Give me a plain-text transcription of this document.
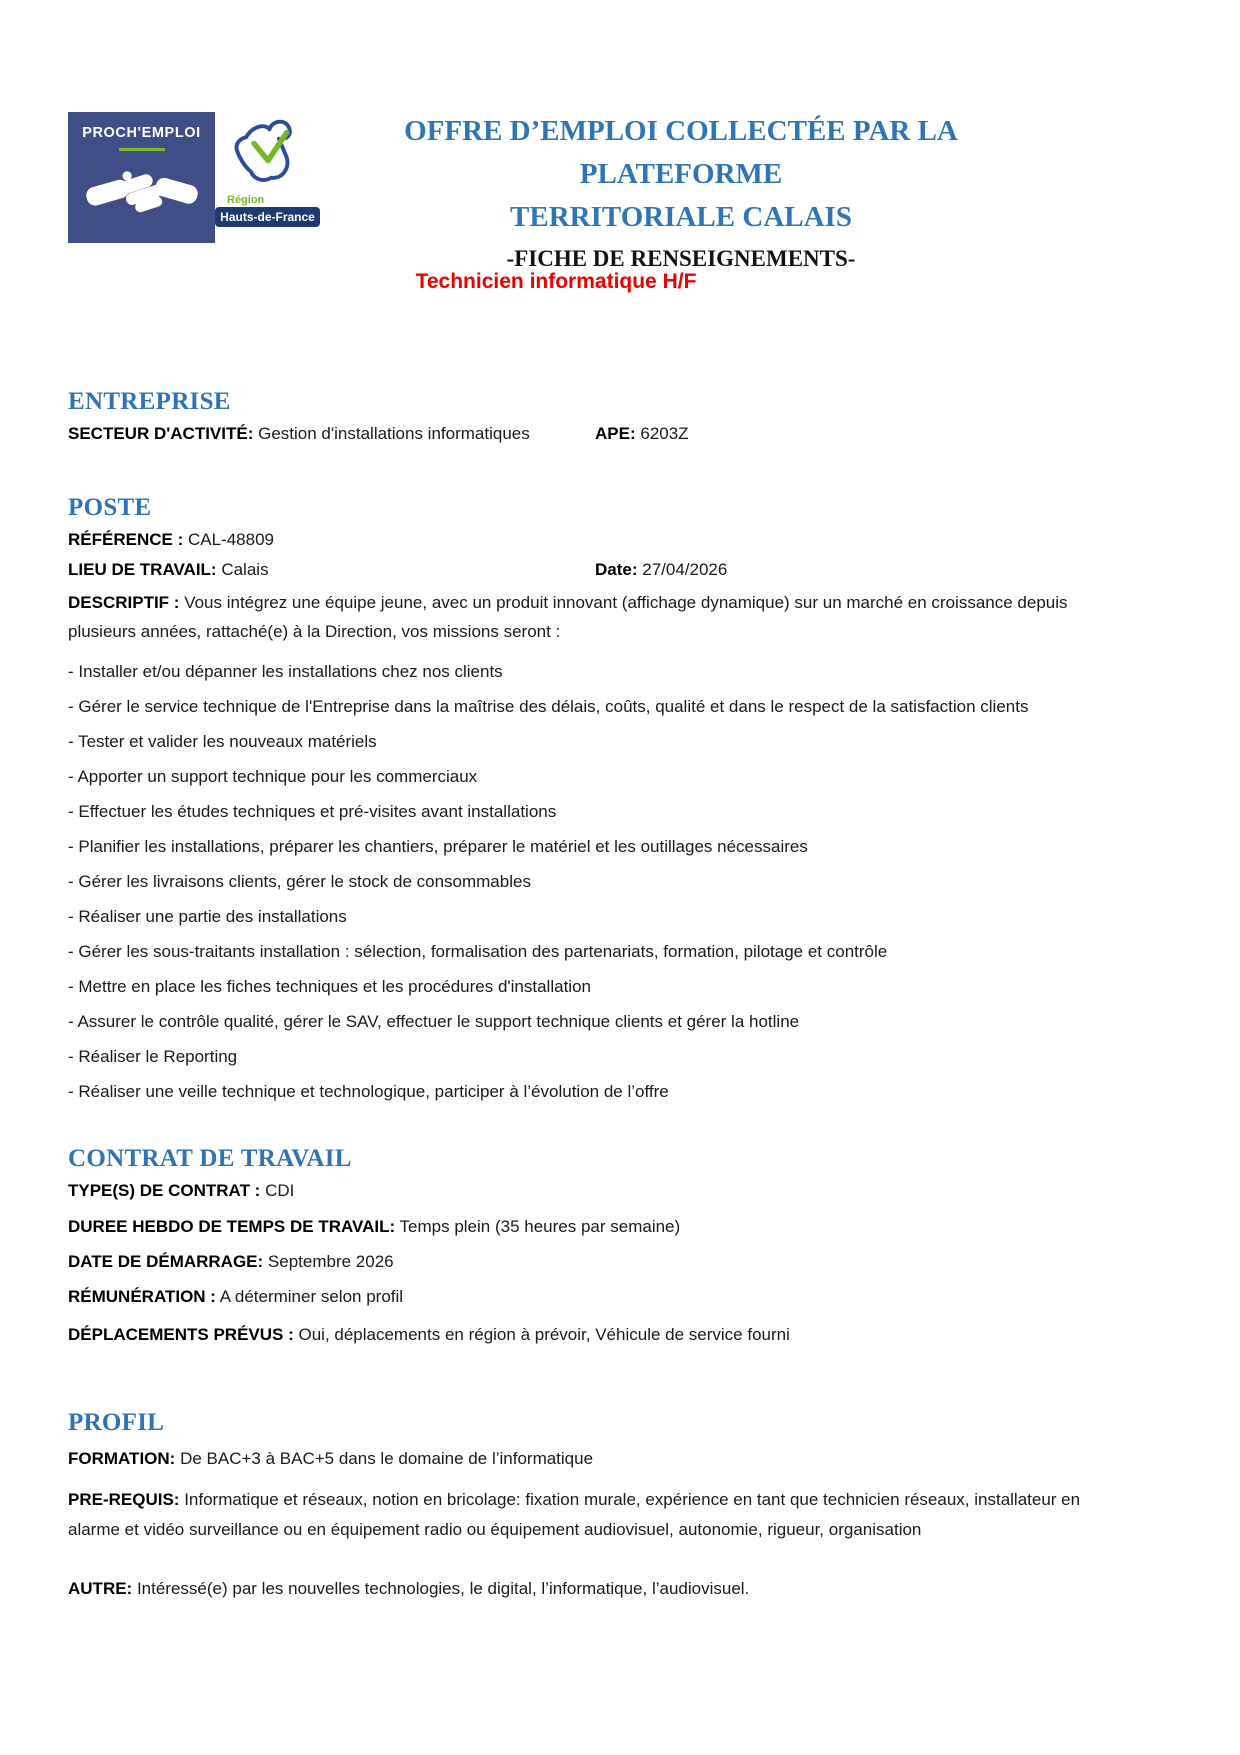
PROCH'EMPLOI
Région
Hauts-de-France
OFFRE D’EMPLOI COLLECTÉE PAR LA PLATEFORME
TERRITORIALE CALAIS
-FICHE DE RENSEIGNEMENTS-
Technicien informatique H/F
ENTREPRISE
SECTEUR D'ACTIVITÉ: Gestion d'installations informatiques	APE: 6203Z
POSTE
RÉFÉRENCE : CAL-48809
LIEU DE TRAVAIL: Calais	Date: 27/04/2026
DESCRIPTIF : Vous intégrez une équipe jeune, avec un produit innovant (affichage dynamique) sur un marché en croissance depuis plusieurs années, rattaché(e) à la Direction, vos missions seront :

- Installer et/ou dépanner les installations chez nos clients

- Gérer le service technique de l'Entreprise dans la maîtrise des délais, coûts, qualité et dans le respect de la satisfaction clients

- Tester et valider les nouveaux matériels

- Apporter un support technique pour les commerciaux

- Effectuer les études techniques et pré-visites avant installations

- Planifier les installations, préparer les chantiers, préparer le matériel et les outillages nécessaires

- Gérer les livraisons clients, gérer le stock de consommables

- Réaliser une partie des installations

- Gérer les sous-traitants installation : sélection, formalisation des partenariats, formation, pilotage et contrôle

- Mettre en place les fiches techniques et les procédures d'installation

- Assurer le contrôle qualité, gérer le SAV, effectuer le support technique clients et gérer la hotline

- Réaliser le Reporting

- Réaliser une veille technique et technologique, participer à l’évolution de l’offre

CONTRAT DE TRAVAIL
TYPE(S) DE CONTRAT : CDI
DUREE HEBDO DE TEMPS DE TRAVAIL: Temps plein (35 heures par semaine)
DATE DE DÉMARRAGE: Septembre 2026
RÉMUNÉRATION : A déterminer selon profil
DÉPLACEMENTS PRÉVUS : Oui, déplacements en région à prévoir, Véhicule de service fourni
PROFIL
FORMATION: De BAC+3 à BAC+5 dans le domaine de l’informatique
PRE-REQUIS: Informatique et réseaux, notion en bricolage: fixation murale, expérience en tant que technicien réseaux, installateur en alarme et vidéo surveillance ou en équipement radio ou équipement audiovisuel, autonomie, rigueur, organisation
AUTRE: Intéressé(e) par les nouvelles technologies, le digital, l’informatique, l’audiovisuel.
